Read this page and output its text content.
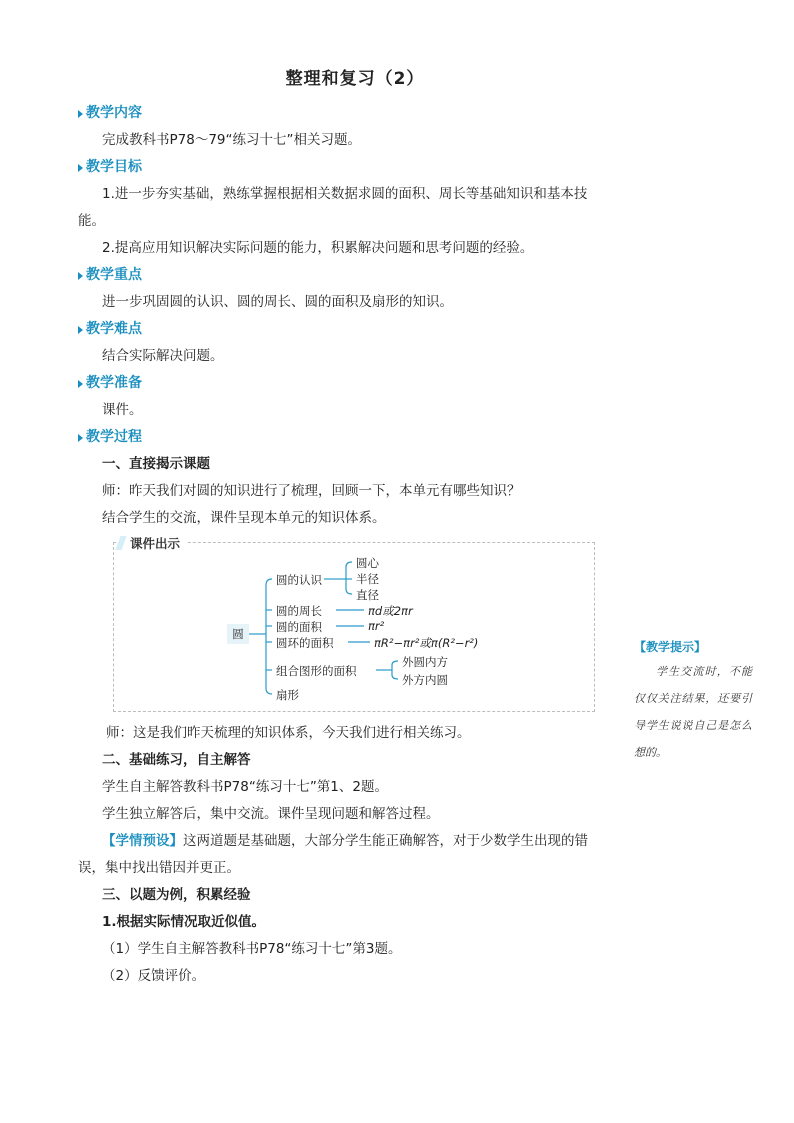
整理和复习（2）
教学内容
完成教科书P78～79“练习十七”相关习题。
教学目标
1.进一步夯实基础，熟练掌握根据相关数据求圆的面积、周长等基础知识和基本技
能。
2.提高应用知识解决实际问题的能力，积累解决问题和思考问题的经验。
教学重点
进一步巩固圆的认识、圆的周长、圆的面积及扇形的知识。
教学难点
结合实际解决问题。
教学准备
课件。
教学过程
一、直接揭示课题
师：昨天我们对圆的知识进行了梳理，回顾一下，本单元有哪些知识？
结合学生的交流，课件呈现本单元的知识体系。
课件出示
圆
圆的认识
圆心
半径
直径
圆的周长	πd或2πr
圆的面积	πr²
圆环的面积	πR²−πr²或π(R²−r²)
组合图形的面积
外圆内方
外方内圆
扇形
师：这是我们昨天梳理的知识体系，今天我们进行相关练习。
二、基础练习，自主解答
学生自主解答教科书P78“练习十七”第1、2题。
学生独立解答后，集中交流。课件呈现问题和解答过程。
【学情预设】这两道题是基础题，大部分学生能正确解答，对于少数学生出现的错
误，集中找出错因并更正。
三、以题为例，积累经验
1.根据实际情况取近似值。
（1）学生自主解答教科书P78“练习十七”第3题。
（2）反馈评价。
【教学提示】
学生交流时，不能仅仅关注结果，还要引导学生说说自己是怎么想的。
